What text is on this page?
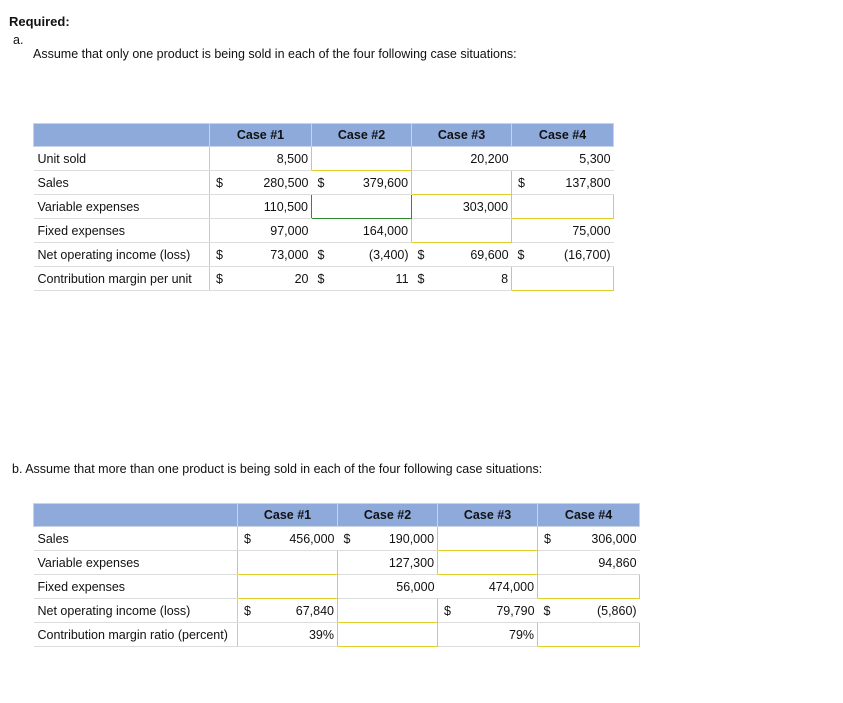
Required:
a.
Assume that only one product is being sold in each of the four following case situations:
	Case #1		Case #2		Case #3		Case #4	
Unit sold		8,500				20,200		5,300
Sales	$	280,500	$	379,600			$	137,800
Variable expenses		110,500				303,000		
Fixed expenses		97,000		164,000				75,000
Net operating income (loss)	$	73,000	$	(3,400)	$	69,600	$	(16,700)
Contribution margin per unit	$	20	$	11	$	8		
b. Assume that more than one product is being sold in each of the four following case situations:
	Case #1		Case #2		Case #3		Case #4	
Sales	$	456,000	$	190,000			$	306,000
Variable expenses				127,300				94,860
Fixed expenses				56,000		474,000		
Net operating income (loss)	$	67,840			$	79,790	$	(5,860)
Contribution margin ratio (percent)		39%				79%		
